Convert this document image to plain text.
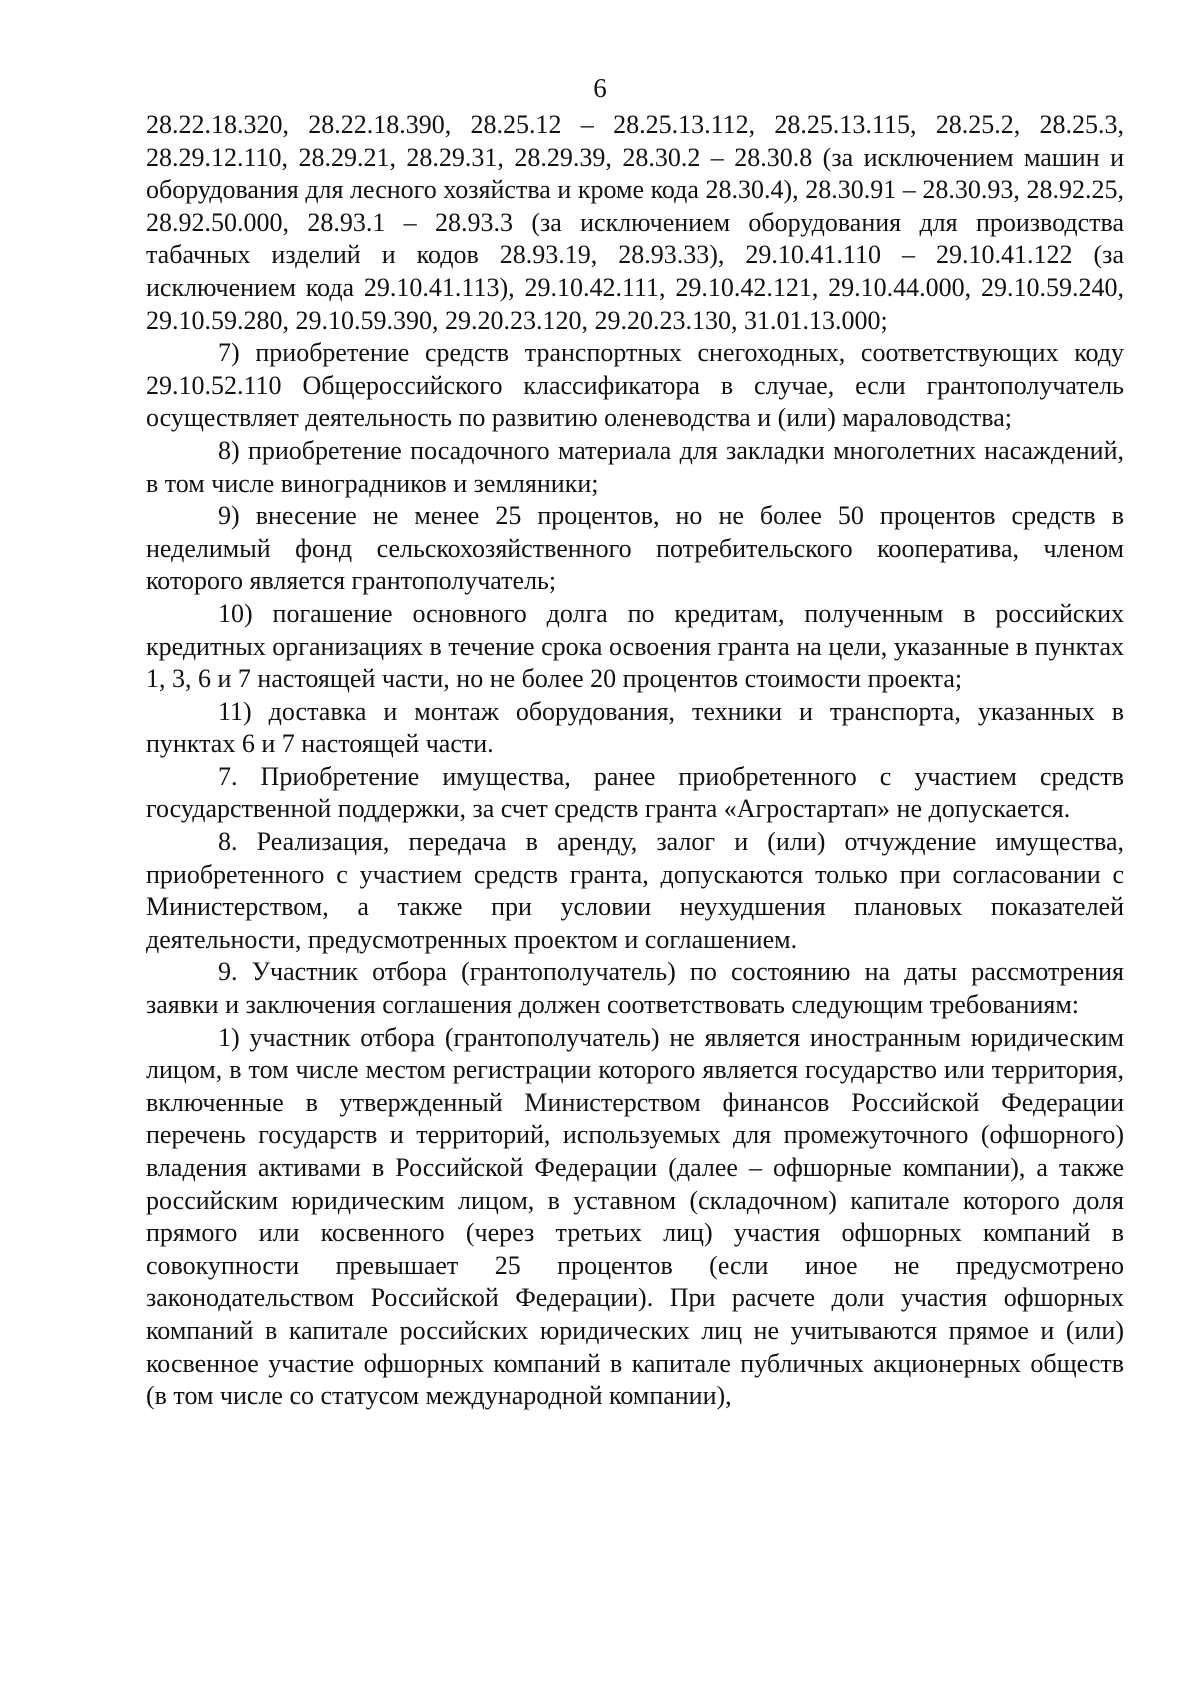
6

28.22.18.320, 28.22.18.390, 28.25.12 – 28.25.13.112, 28.25.13.115, 28.25.2, 28.25.3, 28.29.12.110, 28.29.21, 28.29.31, 28.29.39, 28.30.2 – 28.30.8 (за исключением машин и оборудования для лесного хозяйства и кроме кода 28.30.4), 28.30.91 – 28.30.93, 28.92.25, 28.92.50.000, 28.93.1 – 28.93.3 (за исключением оборудования для производства табачных изделий и кодов 28.93.19, 28.93.33), 29.10.41.110 – 29.10.41.122 (за исключением кода 29.10.41.113), 29.10.42.111, 29.10.42.121, 29.10.44.000, 29.10.59.240, 29.10.59.280, 29.10.59.390, 29.20.23.120, 29.20.23.130, 31.01.13.000;

7) приобретение средств транспортных снегоходных, соответствующих коду 29.10.52.110 Общероссийского классификатора в случае, если грантополучатель осуществляет деятельность по развитию оленеводства и (или) мараловодства;

8) приобретение посадочного материала для закладки многолетних насаждений, в том числе виноградников и земляники;

9) внесение не менее 25 процентов, но не более 50 процентов средств в неделимый фонд сельскохозяйственного потребительского кооператива, членом которого является грантополучатель;

10) погашение основного долга по кредитам, полученным в российских кредитных организациях в течение срока освоения гранта на цели, указанные в пунктах 1, 3, 6 и 7 настоящей части, но не более 20 процентов стоимости проекта;

11) доставка и монтаж оборудования, техники и транспорта, указанных в пунктах 6 и 7 настоящей части.

7. Приобретение имущества, ранее приобретенного с участием средств государственной поддержки, за счет средств гранта «Агростартап» не допускается.

8. Реализация, передача в аренду, залог и (или) отчуждение имущества, приобретенного с участием средств гранта, допускаются только при согласовании с Министерством, а также при условии неухудшения плановых показателей деятельности, предусмотренных проектом и соглашением.

9. Участник отбора (грантополучатель) по состоянию на даты рассмотрения заявки и заключения соглашения должен соответствовать следующим требованиям:

1) участник отбора (грантополучатель) не является иностранным юридическим лицом, в том числе местом регистрации которого является государство или территория, включенные в утвержденный Министерством финансов Российской Федерации перечень государств и территорий, используемых для промежуточного (офшорного) владения активами в Российской Федерации (далее – офшорные компании), а также российским юридическим лицом, в уставном (складочном) капитале которого доля прямого или косвенного (через третьих лиц) участия офшорных компаний в совокупности превышает 25 процентов (если иное не предусмотрено законодательством Российской Федерации). При расчете доли участия офшорных компаний в капитале российских юридических лиц не учитываются прямое и (или) косвенное участие офшорных компаний в капитале публичных акционерных обществ (в том числе со статусом международной компании),
